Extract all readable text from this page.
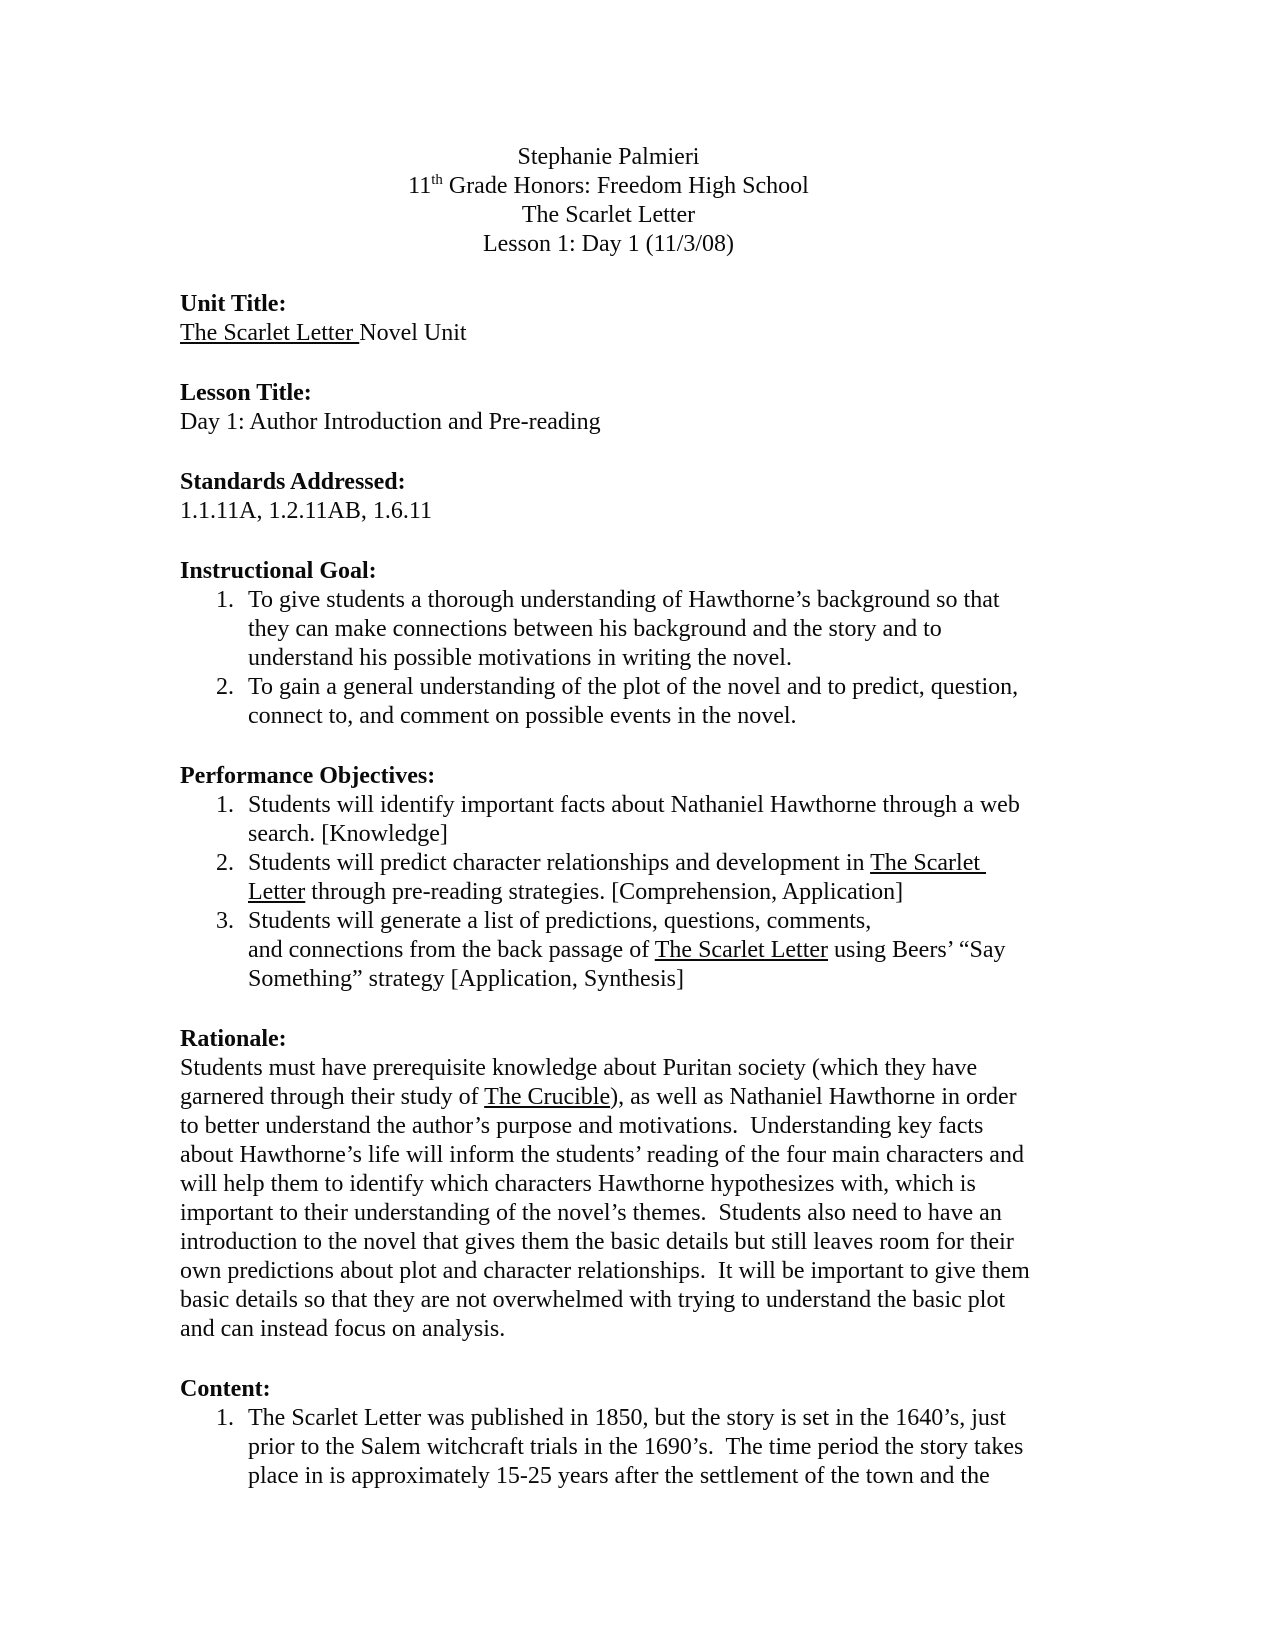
Stephanie Palmieri
11th Grade Honors: Freedom High School
The Scarlet Letter
Lesson 1: Day 1 (11/3/08)
Unit Title:

The Scarlet Letter Novel Unit

Lesson Title:

Day 1: Author Introduction and Pre-reading

Standards Addressed:

1.1.11A, 1.2.11AB, 1.6.11

Instructional Goal:
1. To give students a thorough understanding of Hawthorne’s background so that they can make connections between his background and the story and to understand his possible motivations in writing the novel.
2. To gain a general understanding of the plot of the novel and to predict, question, connect to, and comment on possible events in the novel.
Performance Objectives:
1. Students will identify important facts about Nathaniel Hawthorne through a web search. [Knowledge]
2. Students will predict character relationships and development in The Scarlet Letter through pre-reading strategies. [Comprehension, Application]
3. Students will generate a list of predictions, questions, comments,
and connections from the back passage of The Scarlet Letter using Beers’ “Say Something” strategy [Application, Synthesis]
Rationale:

Students must have prerequisite knowledge about Puritan society (which they have garnered through their study of The Crucible), as well as Nathaniel Hawthorne in order to better understand the author’s purpose and motivations.  Understanding key facts about Hawthorne’s life will inform the students’ reading of the four main characters and will help them to identify which characters Hawthorne hypothesizes with, which is important to their understanding of the novel’s themes.  Students also need to have an introduction to the novel that gives them the basic details but still leaves room for their own predictions about plot and character relationships.  It will be important to give them basic details so that they are not overwhelmed with trying to understand the basic plot and can instead focus on analysis.

Content:
1. The Scarlet Letter was published in 1850, but the story is set in the 1640’s, just prior to the Salem witchcraft trials in the 1690’s.  The time period the story takes place in is approximately 15-25 years after the settlement of the town and the
